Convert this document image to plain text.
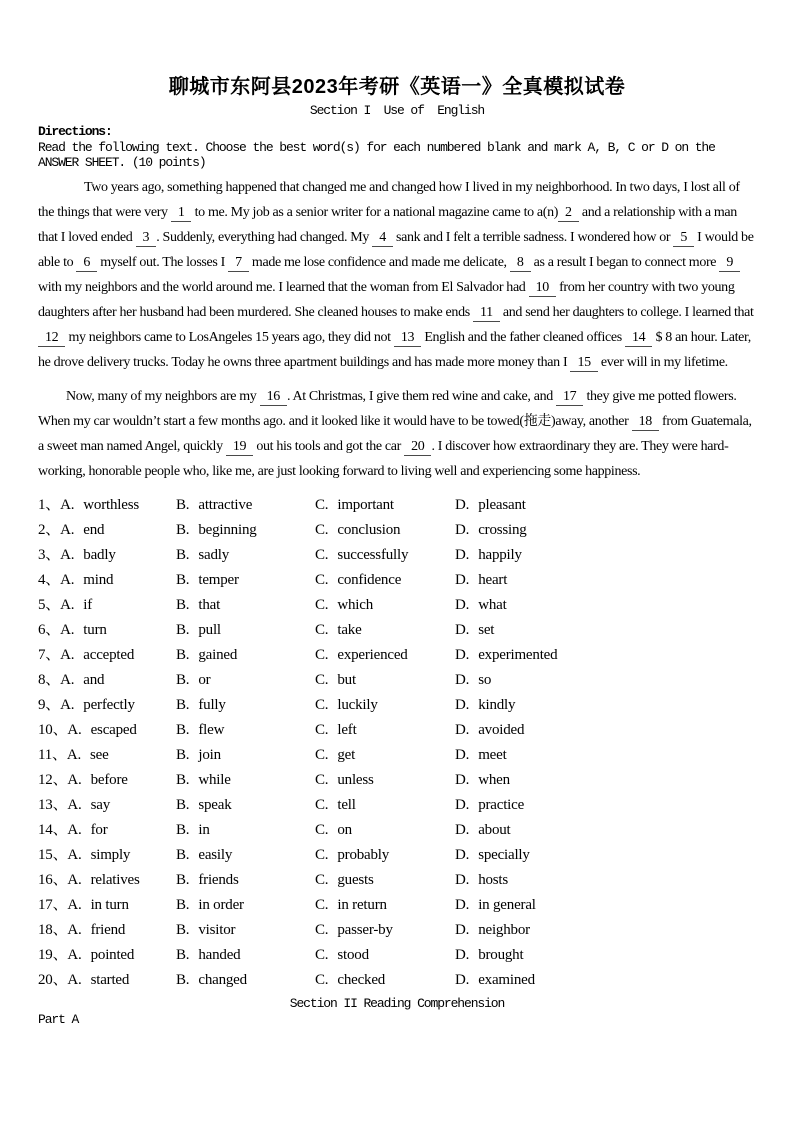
聊城市东阿县2023年考研《英语一》全真模拟试卷
Section I  Use of  English
Directions:
Read the following text. Choose the best word(s) for each numbered blank and mark A, B, C or D on the ANSWER SHEET. (10 points)

Two years ago, something happened that changed me and changed how I lived in my neighborhood. In two days, I lost all of the things that were very 1 to me. My job as a senior writer for a national magazine came to a(n) 2 and a relationship with a man that I loved ended 3 . Suddenly, everything had changed. My 4 sank and I felt a terrible sadness. I wondered how or 5 I would be able to 6 myself out. The losses I 7 made me lose confidence and made me delicate, 8 as a result I began to connect more 9 with my neighbors and the world around me. I learned that the woman from El Salvador had 10 from her country with two young daughters after her husband had been murdered. She cleaned houses to make ends 11 and send her daughters to college. I learned that 12 my neighbors came to LosAngeles 15 years ago, they did not 13 English and the father cleaned offices 14 $ 8 an hour. Later, he drove delivery trucks. Today he owns three apartment buildings and has made more money than I 15 ever will in my lifetime.

Now, many of my neighbors are my 16 . At Christmas, I give them red wine and cake, and 17 they give me potted flowers. When my car wouldn’t start a few months ago. and it looked like it would have to be towed(拖走)away, another 18 from Guatemala, a sweet man named Angel, quickly 19 out his tools and got the car 20 . I discover how extraordinary they are. They were hard-working, honorable people who, like me, are just looking forward to living well and experiencing some happiness.

1、A. worthless	B. attractive	C. important	D. pleasant
2、A. end	B. beginning	C. conclusion	D. crossing
3、A. badly	B. sadly	C. successfully	D. happily
4、A. mind	B. temper	C. confidence	D. heart
5、A. if	B. that	C. which	D. what
6、A. turn	B. pull	C. take	D. set
7、A. accepted	B. gained	C. experienced	D. experimented
8、A. and	B. or	C. but	D. so
9、A. perfectly	B. fully	C. luckily	D. kindly
10、A. escaped	B. flew	C. left	D. avoided
11、A. see	B. join	C. get	D. meet
12、A. before	B. while	C. unless	D. when
13、A. say	B. speak	C. tell	D. practice
14、A. for	B. in	C. on	D. about
15、A. simply	B. easily	C. probably	D. specially
16、A. relatives	B. friends	C. guests	D. hosts
17、A. in turn	B. in order	C. in return	D. in general
18、A. friend	B. visitor	C. passer-by	D. neighbor
19、A. pointed	B. handed	C. stood	D. brought
20、A. started	B. changed	C. checked	D. examined
Section II Reading Comprehension
Part A
